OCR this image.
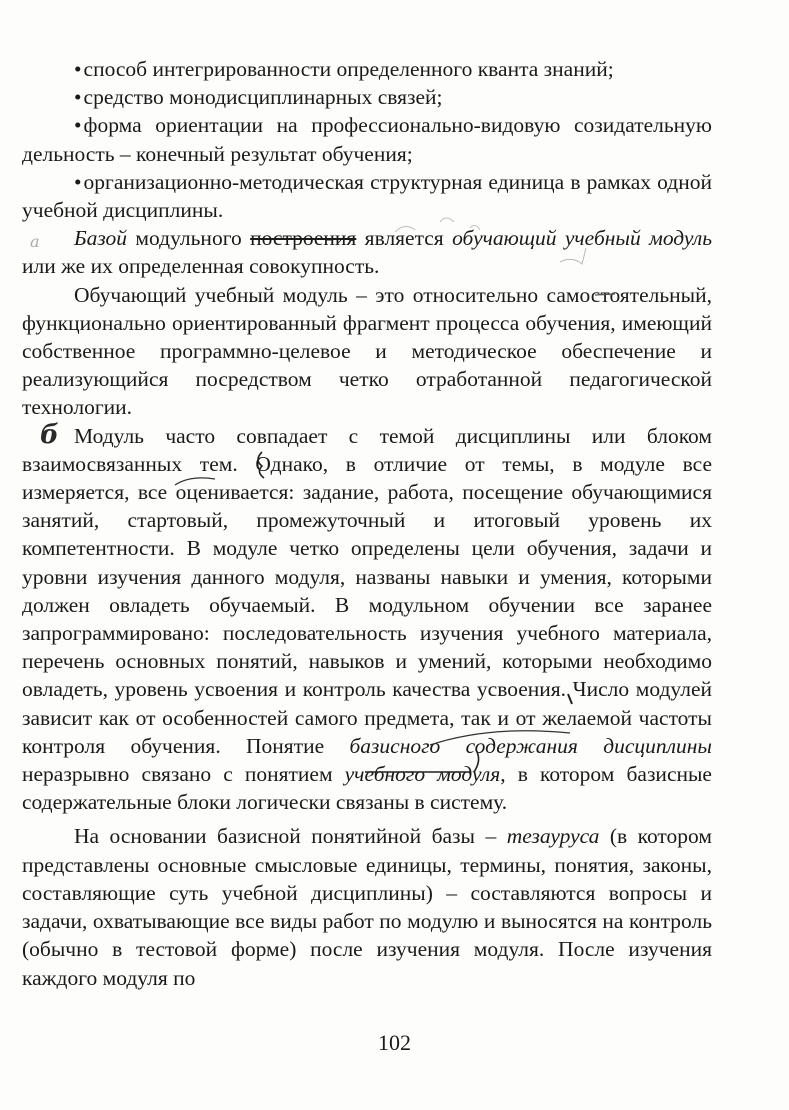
• способ интегрированности определенного кванта знаний;

• средство монодисциплинарных связей;

• форма ориентации на профессионально-видовую созидательную дельность – конечный результат обучения;

• организационно-методическая структурная единица в рамках одной учебной дисциплины.

Базой модульного построения является обучающий учебный модуль или же их определенная совокупность.

Обучающий учебный модуль – это относительно самостоятельный, функционально ориентированный фрагмент процесса обучения, имеющий собственное программно-целевое и методическое обеспечение и реализующийся посредством четко отработанной педагогической технологии.

Модуль часто совпадает с темой дисциплины или блоком взаимосвязанных тем. Однако, в отличие от темы, в модуле все измеряется, все оценивается: задание, работа, посещение обучающимися занятий, стартовый, промежуточный и итоговый уровень их компетентности. В модуле четко определены цели обучения, задачи и уровни изучения данного модуля, названы навыки и умения, которыми должен овладеть обучаемый. В модульном обучении все заранее запрограммировано: последовательность изучения учебного материала, перечень основных понятий, навыков и умений, которыми необходимо овладеть, уровень усвоения и контроль качества усвоения. Число модулей зависит как от особенностей самого предмета, так и от желаемой частоты контроля обучения. Понятие базисного содержания дисциплины неразрывно связано с понятием учебного модуля, в котором базисные содержательные блоки логически связаны в систему.

На основании базисной понятийной базы – тезауруса (в котором представлены основные смысловые единицы, термины, понятия, законы, составляющие суть учебной дисциплины) – составляются вопросы и задачи, охватывающие все виды работ по модулю и выносятся на контроль (обычно в тестовой форме) после изучения модуля. После изучения каждого модуля по

102
а
б
